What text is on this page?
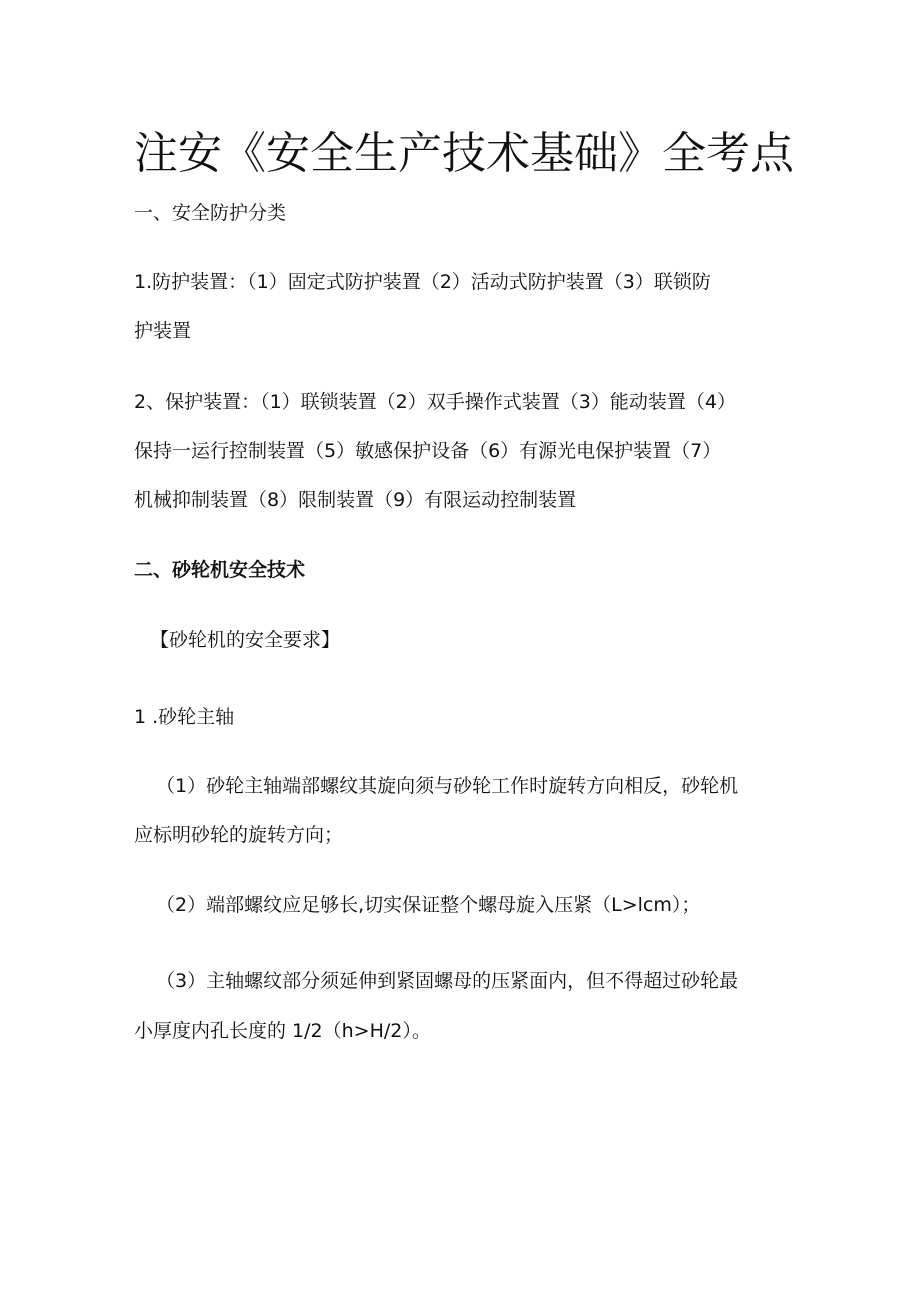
注安《安全生产技术基础》全考点

一、安全防护分类

1.防护装置：（1）固定式防护装置（2）活动式防护装置（3）联锁防

护装置

2、保护装置：（1）联锁装置（2）双手操作式装置（3）能动装置（4）

保持一运行控制装置（5）敏感保护设备（6）有源光电保护装置（7）

机械抑制装置（8）限制装置（9）有限运动控制装置

二、砂轮机安全技术

【砂轮机的安全要求】

1 .砂轮主轴

（1）砂轮主轴端部螺纹其旋向须与砂轮工作时旋转方向相反，砂轮机

应标明砂轮的旋转方向；

（2）端部螺纹应足够长,切实保证整个螺母旋入压紧（L>lcm）；

（3）主轴螺纹部分须延伸到紧固螺母的压紧面内，但不得超过砂轮最

小厚度内孔长度的 1/2（h>H/2）。
